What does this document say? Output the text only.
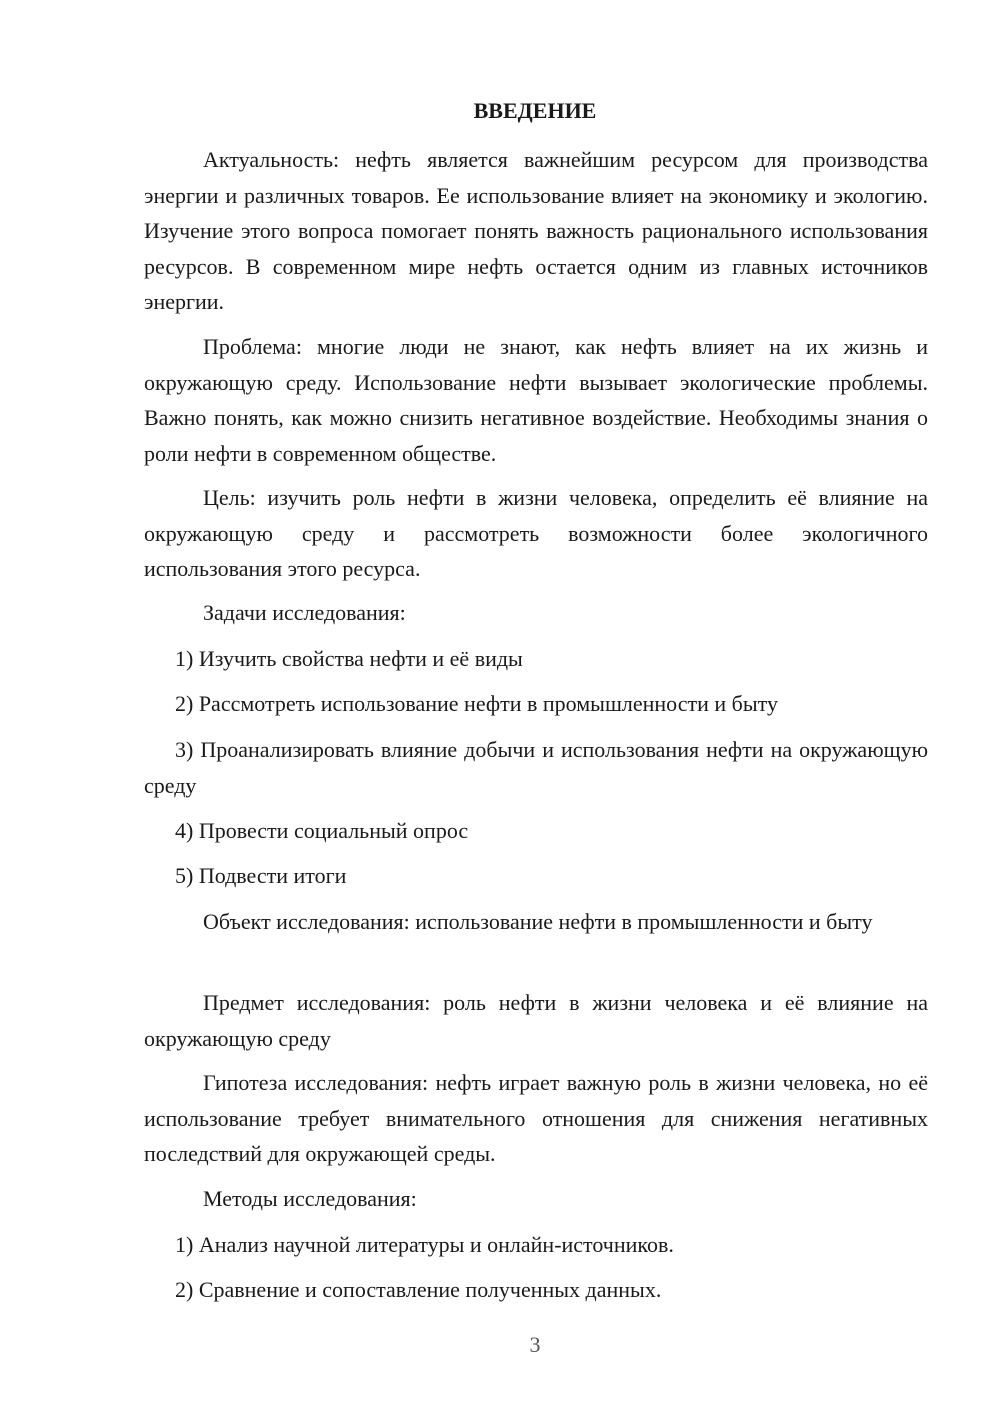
ВВЕДЕНИЕ

Актуальность: нефть является важнейшим ресурсом для производства энергии и различных товаров. Ее использование влияет на экономику и экологию. Изучение этого вопроса помогает понять важность рационального использования ресурсов. В современном мире нефть остается одним из главных источников энергии.

Проблема: многие люди не знают, как нефть влияет на их жизнь и окружающую среду. Использование нефти вызывает экологические проблемы. Важно понять, как можно снизить негативное воздействие. Необходимы знания о роли нефти в современном обществе.

Цель: изучить роль нефти в жизни человека, определить её влияние на окружающую среду и рассмотреть возможности более экологичного использования этого ресурса.

Задачи исследования:

1) Изучить свойства нефти и её виды

2) Рассмотреть использование нефти в промышленности и быту

3) Проанализировать влияние добычи и использования нефти на окружающую среду

4) Провести социальный опрос

5) Подвести итоги

Объект исследования: использование нефти в промышленности и быту

Предмет исследования: роль нефти в жизни человека и её влияние на окружающую среду

Гипотеза исследования: нефть играет важную роль в жизни человека, но её использование требует внимательного отношения для снижения негативных последствий для окружающей среды.

Методы исследования:

1) Анализ научной литературы и онлайн-источников.

2) Сравнение и сопоставление полученных данных.

3
